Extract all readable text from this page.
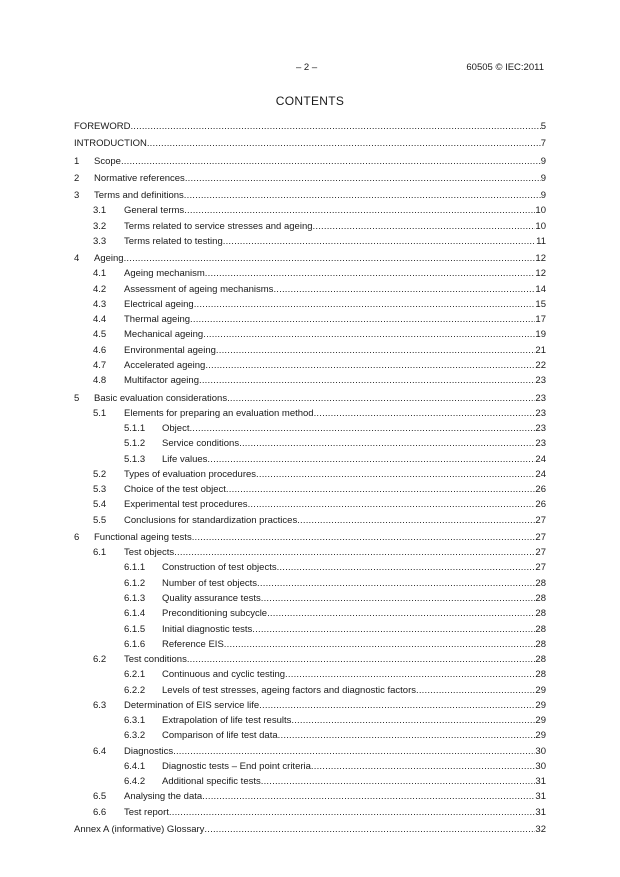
– 2 –	60505 © IEC:2011
CONTENTS
FOREWORD .....	5
INTRODUCTION .....	7
1	Scope .....	9
2	Normative references .....	9
3	Terms and definitions .....	9
3.1	General terms .....	10
3.2	Terms related to service stresses and ageing .....	10
3.3	Terms related to testing .....	11
4	Ageing .....	12
4.1	Ageing mechanism .....	12
4.2	Assessment of ageing mechanisms .....	14
4.3	Electrical ageing .....	15
4.4	Thermal ageing .....	17
4.5	Mechanical ageing .....	19
4.6	Environmental ageing .....	21
4.7	Accelerated ageing .....	22
4.8	Multifactor ageing .....	23
5	Basic evaluation considerations .....	23
5.1	Elements for preparing an evaluation method .....	23
5.1.1	Object .....	23
5.1.2	Service conditions .....	23
5.1.3	Life values .....	24
5.2	Types of evaluation procedures .....	24
5.3	Choice of the test object .....	26
5.4	Experimental test procedures .....	26
5.5	Conclusions for standardization practices .....	27
6	Functional ageing tests .....	27
6.1	Test objects .....	27
6.1.1	Construction of test objects .....	27
6.1.2	Number of test objects .....	28
6.1.3	Quality assurance tests .....	28
6.1.4	Preconditioning subcycle .....	28
6.1.5	Initial diagnostic tests .....	28
6.1.6	Reference EIS .....	28
6.2	Test conditions .....	28
6.2.1	Continuous and cyclic testing .....	28
6.2.2	Levels of test stresses, ageing factors and diagnostic factors .....	29
6.3	Determination of EIS service life .....	29
6.3.1	Extrapolation of life test results .....	29
6.3.2	Comparison of life test data .....	29
6.4	Diagnostics .....	30
6.4.1	Diagnostic tests – End point criteria .....	30
6.4.2	Additional specific tests .....	31
6.5	Analysing the data .....	31
6.6	Test report .....	31
Annex A (informative) Glossary .....	32
